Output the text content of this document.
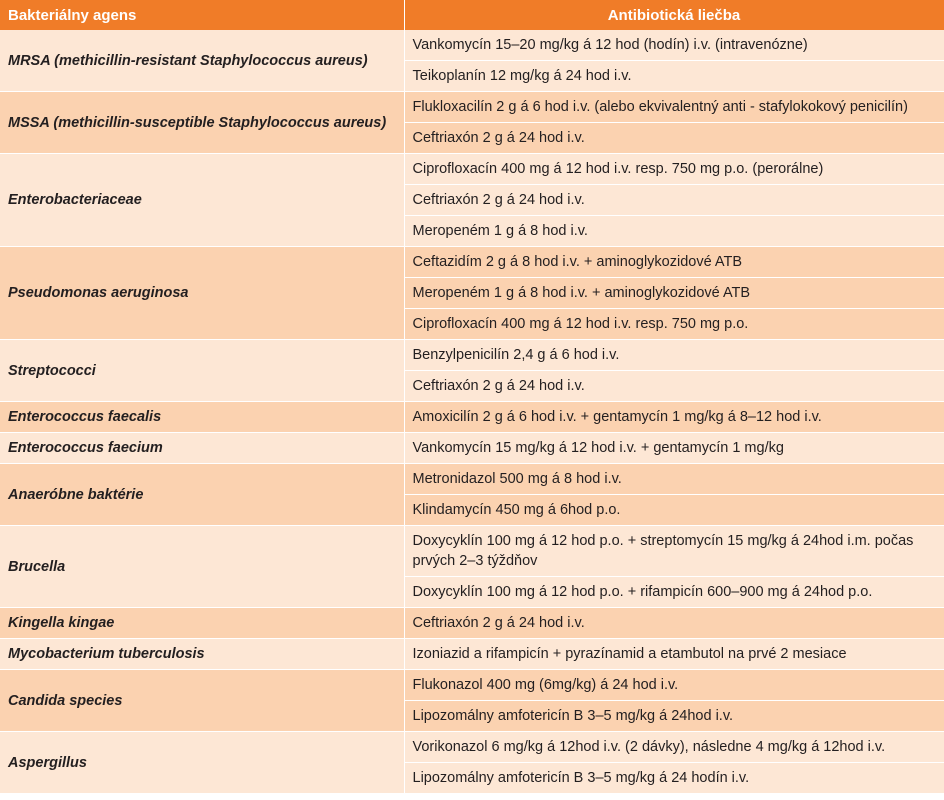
Bakteriálny agens	Antibiotická liečba
MRSA (methicillin-resistant Staphylococcus aureus)	Vankomycín 15–20 mg/kg á 12 hod (hodín) i.v. (intravenózne)
	Teikoplanín 12 mg/kg á 24 hod i.v.
MSSA (methicillin-susceptible Staphylococcus aureus)	Flukloxacilín 2 g á 6 hod i.v. (alebo ekvivalentný anti - stafylokokový penicilín)
	Ceftriaxón 2 g á 24 hod i.v.
Enterobacteriaceae	Ciprofloxacín 400 mg á 12 hod i.v. resp. 750 mg p.o. (perorálne)
	Ceftriaxón 2 g á 24 hod i.v.
	Meropeném 1 g á 8 hod i.v.
Pseudomonas aeruginosa	Ceftazidím 2 g á 8 hod i.v. + aminoglykozidové ATB
	Meropeném 1 g á 8 hod i.v. + aminoglykozidové ATB
	Ciprofloxacín 400 mg á 12 hod i.v. resp. 750 mg p.o.
Streptococci	Benzylpenicilín 2,4 g á 6 hod i.v.
	Ceftriaxón 2 g á 24 hod i.v.
Enterococcus faecalis	Amoxicilín 2 g á 6 hod i.v. + gentamycín 1 mg/kg á 8–12 hod i.v.
Enterococcus faecium	Vankomycín 15 mg/kg á 12 hod i.v. + gentamycín 1 mg/kg
Anaeróbne baktérie	Metronidazol 500 mg á 8 hod i.v.
	Klindamycín 450 mg á 6hod p.o.
Brucella	Doxycyklín 100 mg á 12 hod p.o. + streptomycín 15 mg/kg á 24hod i.m. počas prvých 2–3 týždňov
	Doxycyklín 100 mg á 12 hod p.o. + rifampicín 600–900 mg á 24hod p.o.
Kingella kingae	Ceftriaxón 2 g á 24 hod i.v.
Mycobacterium tuberculosis	Izoniazid a rifampicín + pyrazínamid a etambutol na prvé 2 mesiace
Candida species	Flukonazol 400 mg (6mg/kg) á 24 hod i.v.
	Lipozomálny amfotericín B 3–5 mg/kg á 24hod i.v.
Aspergillus	Vorikonazol 6 mg/kg á 12hod i.v. (2 dávky), následne 4 mg/kg á 12hod i.v.
	Lipozomálny amfotericín B 3–5 mg/kg á 24 hodín i.v.
